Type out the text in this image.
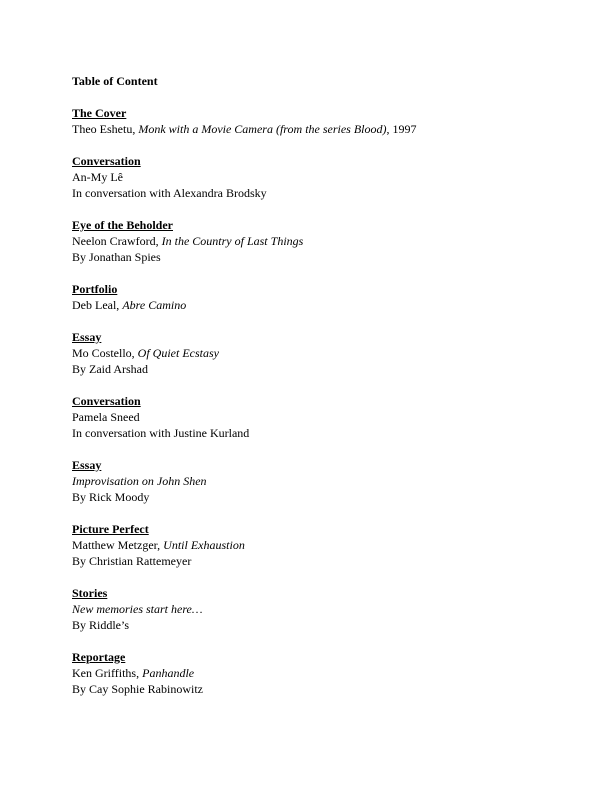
Table of Content
The Cover
Theo Eshetu, Monk with a Movie Camera (from the series Blood), 1997
Conversation
An-My Lê
In conversation with Alexandra Brodsky
Eye of the Beholder
Neelon Crawford, In the Country of Last Things
By Jonathan Spies
Portfolio
Deb Leal, Abre Camino
Essay
Mo Costello, Of Quiet Ecstasy
By Zaid Arshad
Conversation
Pamela Sneed
In conversation with Justine Kurland
Essay
Improvisation on John Shen
By Rick Moody
Picture Perfect
Matthew Metzger, Until Exhaustion
By Christian Rattemeyer
Stories
New memories start here…
By Riddle’s
Reportage
Ken Griffiths, Panhandle
By Cay Sophie Rabinowitz
